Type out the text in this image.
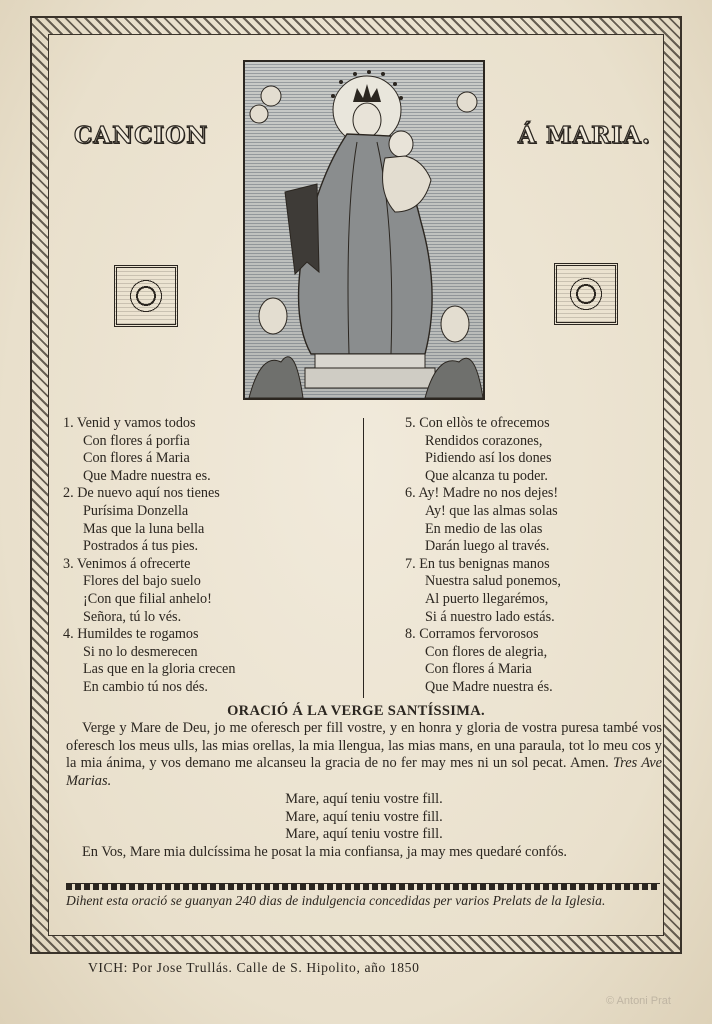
CANCION	Á MARIA.
1. Venid y vamos todos
Con flores á porfia
Con flores á Maria
Que Madre nuestra es.
2. De nuevo aquí nos tienes
Purísima Donzella
Mas que la luna bella
Postrados á tus pies.
3. Venimos á ofrecerte
Flores del bajo suelo
¡Con que filial anhelo!
Señora, tú lo vés.
4. Humildes te rogamos
Si no lo desmerecen
Las que en la gloria crecen
En cambio tú nos dés.
5. Con ellòs te ofrecemos
Rendidos corazones,
Pidiendo así los dones
Que alcanza tu poder.
6. Ay! Madre no nos dejes!
Ay! que las almas solas
En medio de las olas
Darán luego al través.
7. En tus benignas manos
Nuestra salud ponemos,
Al puerto llegarémos,
Si á nuestro lado estás.
8. Corramos fervorosos
Con flores de alegria,
Con flores á Maria
Que Madre nuestra és.
ORACIÓ Á LA VERGE SANTÍSSIMA.

Verge y Mare de Deu, jo me oferesch per fill vostre, y en honra y gloria de vostra puresa també vos oferesch los meus ulls, las mias orellas, la mia llengua, las mias mans, en una paraula, tot lo meu cos y la mia ánima, y vos demano me alcanseu la gracia de no fer may mes ni un sol pecat. Amen. Tres Ave Marias.

Mare, aquí teniu vostre fill.

Mare, aquí teniu vostre fill.

Mare, aquí teniu vostre fill.

En Vos, Mare mia dulcíssima he posat la mia confiansa, ja may mes quedaré confós.

Dihent esta oració se guanyan 240 dias de indulgencia concedidas per varios Prelats de la Iglesia.
VICH: Por Jose Trullás. Calle de S. Hipolito, año 1850
© Antoni Prat
